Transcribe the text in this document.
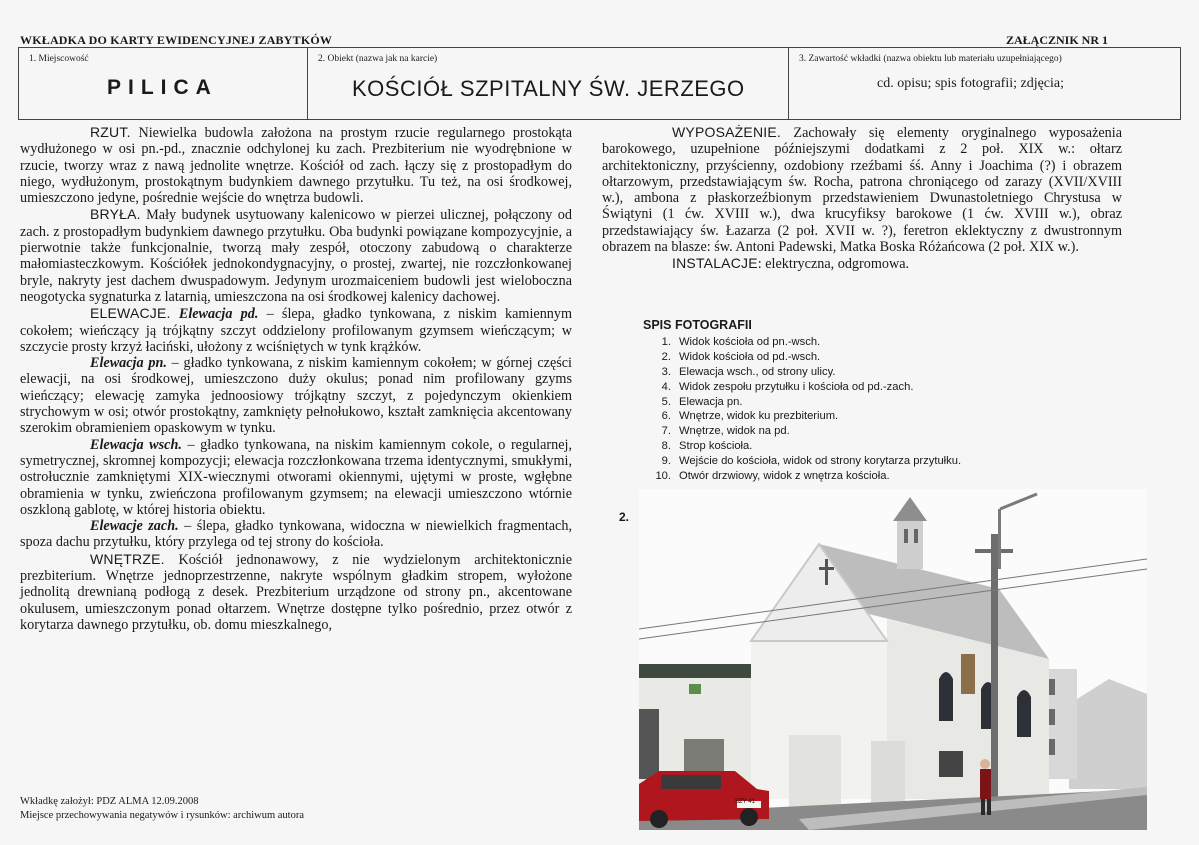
WKŁADKA DO KARTY EWIDENCYJNEJ ZABYTKÓW	ZAŁĄCZNIK NR 1
1. Miejscowość
PILICA
2. Obiekt (nazwa jak na karcie)
KOŚCIÓŁ SZPITALNY ŚW. JERZEGO
3. Zawartość wkładki (nazwa obiektu lub materiału uzupełniającego)
cd. opisu; spis fotografii; zdjęcia;

RZUT. Niewielka budowla założona na prostym rzucie regularnego prostokąta wydłużonego w osi pn.-pd., znacznie odchylonej ku zach. Prezbiterium nie wyodrębnione w rzucie, tworzy wraz z nawą jednolite wnętrze. Kościół od zach. łączy się z prostopadłym do niego, wydłużonym, prostokątnym budynkiem dawnego przytułku. Tu też, na osi środkowej, umieszczono jedyne, pośrednie wejście do wnętrza budowli.

BRYŁA. Mały budynek usytuowany kalenicowo w pierzei ulicznej, połączony od zach. z prostopadłym budynkiem dawnego przytułku. Oba budynki powiązane kompozycyjnie, a pierwotnie także funkcjonalnie, tworzą mały zespół, otoczony zabudową o charakterze małomiasteczkowym. Kościółek jednokondygnacyjny, o prostej, zwartej, nie rozczłonkowanej bryle, nakryty jest dachem dwuspadowym. Jedynym urozmaiceniem budowli jest wieloboczna neogotycka sygnaturka z latarnią, umieszczona na osi środkowej kalenicy dachowej.

ELEWACJE. Elewacja pd. – ślepa, gładko tynkowana, z niskim kamiennym cokołem; wieńczący ją trójkątny szczyt oddzielony profilowanym gzymsem wieńczącym; w szczycie prosty krzyż łaciński, ułożony z wciśniętych w tynk krążków.

Elewacja pn. – gładko tynkowana, z niskim kamiennym cokołem; w górnej części elewacji, na osi środkowej, umieszczono duży okulus; ponad nim profilowany gzyms wieńczący; elewację zamyka jednoosiowy trójkątny szczyt, z pojedynczym okienkiem strychowym w osi; otwór prostokątny, zamknięty pełnołukowo, kształt zamknięcia akcentowany szerokim obramieniem opaskowym w tynku.

Elewacja wsch. – gładko tynkowana, na niskim kamiennym cokole, o regularnej, symetrycznej, skromnej kompozycji; elewacja rozczłonkowana trzema identycznymi, smukłymi, ostrołucznie zamkniętymi XIX-wiecznymi otworami okiennymi, ujętymi w proste, wgłębne obramienia w tynku, zwieńczona profilowanym gzymsem; na elewacji umieszczono wtórnie oszkloną gablotę, w której historia obiektu.

Elewacje zach. – ślepa, gładko tynkowana, widoczna w niewielkich fragmentach, spoza dachu przytułku, który przylega od tej strony do kościoła.

WNĘTRZE. Kościół jednonawowy, z nie wydzielonym architektonicznie prezbiterium. Wnętrze jednoprzestrzenne, nakryte wspólnym gładkim stropem, wyłożone jednolitą drewnianą podłogą z desek. Prezbiterium urządzone od strony pn., akcentowane okulusem, umieszczonym ponad ołtarzem. Wnętrze dostępne tylko pośrednio, przez otwór z korytarza dawnego przytułku, ob. domu mieszkalnego,

WYPOSAŻENIE. Zachowały się elementy oryginalnego wyposażenia barokowego, uzupełnione późniejszymi dodatkami z 2 poł. XIX w.: ołtarz architektoniczny, przyścienny, ozdobiony rzeźbami śś. Anny i Joachima (?) i obrazem ołtarzowym, przedstawiającym św. Rocha, patrona chroniącego od zarazy (XVII/XVIII w.), ambona z płaskorzeźbionym przedstawieniem Dwunastoletniego Chrystusa w Świątyni (1 ćw. XVIII w.), dwa krucyfiksy barokowe (1 ćw. XVIII w.), obraz przedstawiający św. Łazarza (2 poł. XVII w. ?), feretron eklektyczny z dwustronnym obrazem na blasze: św. Antoni Padewski, Matka Boska Różańcowa (2 poł. XIX w.).

INSTALACJE: elektryczna, odgromowa.

SPIS FOTOGRAFII
1. Widok kościoła od pn.-wsch.
2. Widok kościoła od pd.-wsch.
3. Elewacja wsch., od strony ulicy.
4. Widok zespołu przytułku i kościoła od pd.-zach.
5. Elewacja pn.
6. Wnętrze, widok ku prezbiterium.
7. Wnętrze, widok na pd.
8. Strop kościoła.
9. Wejście do kościoła, widok od strony korytarza przytułku.
10. Otwór drzwiowy, widok z wnętrza kościoła.
2.
SZY 41
Wkładkę założył: PDZ ALMA 12.09.2008
Miejsce przechowywania negatywów i rysunków: archiwum autora
